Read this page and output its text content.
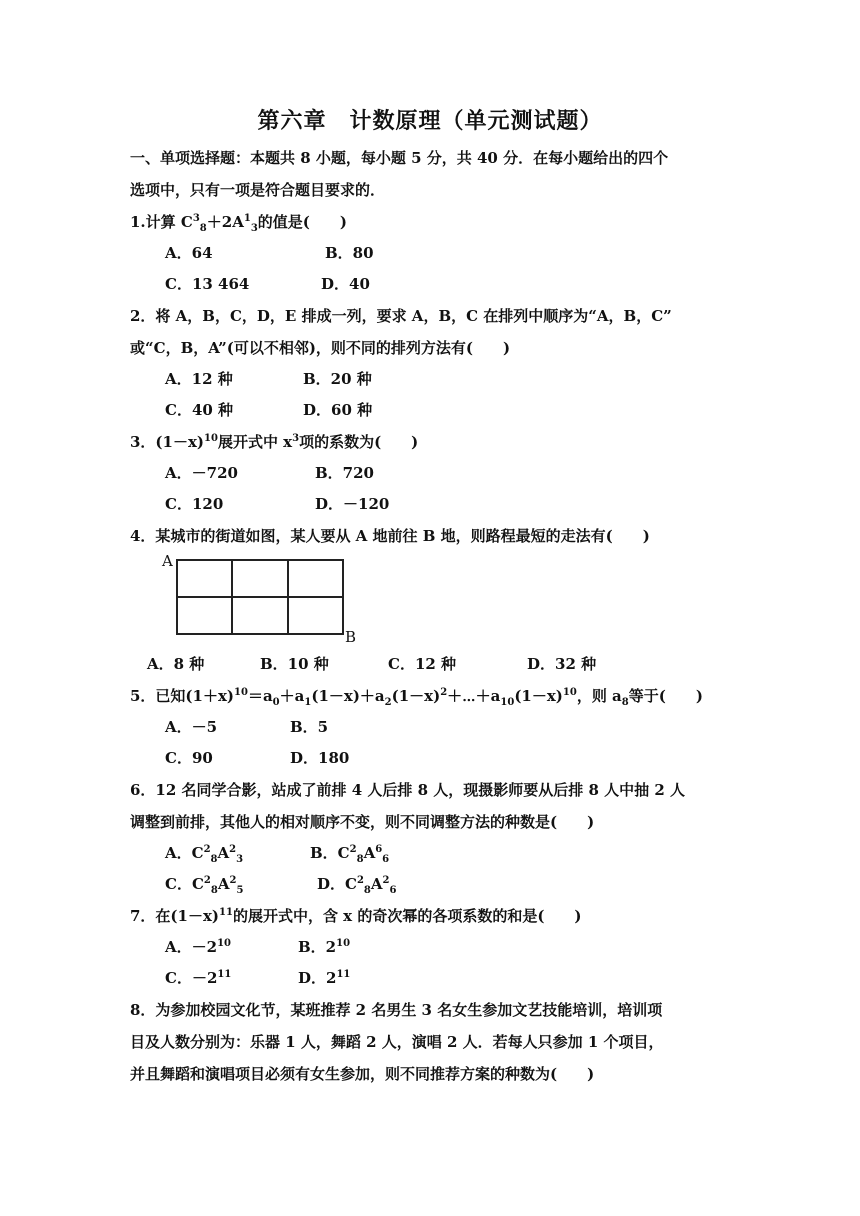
第六章　计数原理（单元测试题）
一、单项选择题：本题共 8 小题，每小题 5 分，共 40 分．在每小题给出的四个
选项中，只有一项是符合题目要求的．
1.计算 $C^3_8+2A^1_3$的值是(　　)
A．64	B．80
C．13 464	D．40
2．将 A，B，C，D，E 排成一列，要求 A，B，C 在排列中顺序为“A，B，C”
或“C，B，A”(可以不相邻)，则不同的排列方法有(　　)
A．12 种	B．20 种
C．40 种	D．60 种
3．$(1-x)^{10}$展开式中 $x^3$项的系数为(　　)
A．－720	B．720
C．120	D．－120
4．某城市的街道如图，某人要从 A 地前往 B 地，则路程最短的走法有(　　)
A
B
A．8 种	B．10 种	C．12 种	D．32 种
5．已知$(1+x)^{10}=a_0+a_1(1-x)+a_2(1-x)^2+\cdots+a_{10}(1-x)^{10}$，则 $a_8$等于(　　)
A．－5	B．5
C．90	D．180
6．12 名同学合影，站成了前排 4 人后排 8 人，现摄影师要从后排 8 人中抽 2 人
调整到前排，其他人的相对顺序不变，则不同调整方法的种数是(　　)
A．$C^2_8A^2_3$	B．$C^2_8A^6_6$
C．$C^2_8A^2_5$	D．$C^2_8A^2_6$
7．在$(1-x)^{11}$的展开式中，含 x 的奇次幂的各项系数的和是(　　)
A．$-2^{10}$	B．$2^{10}$
C．$-2^{11}$	D．$2^{11}$
8．为参加校园文化节，某班推荐 2 名男生 3 名女生参加文艺技能培训，培训项
目及人数分别为：乐器 1 人，舞蹈 2 人，演唱 2 人．若每人只参加 1 个项目，
并且舞蹈和演唱项目必须有女生参加，则不同推荐方案的种数为(　　)
